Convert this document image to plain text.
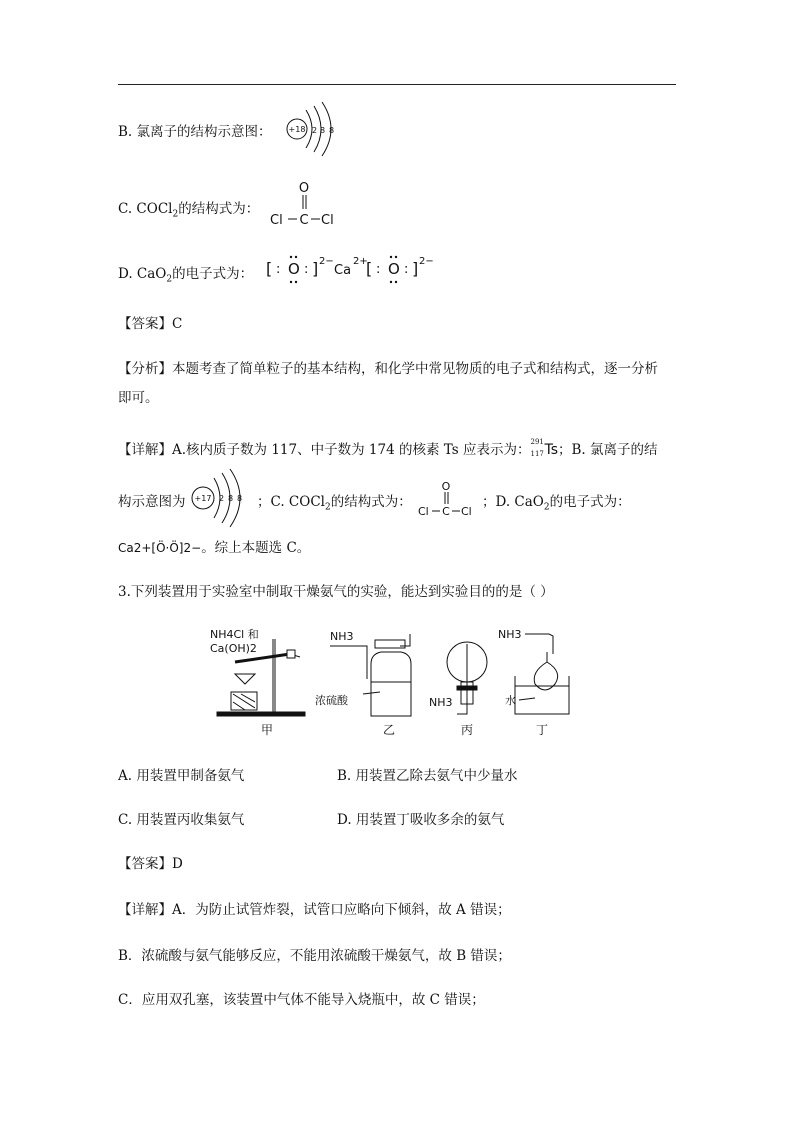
B. 氯离子的结构示意图： +18 2 8 8
C. COCl$_2$的结构式为：
O
Cl C Cl
D. CaO$_2$的电子式为： [ : O : ] 2−
Ca
2+
[ : O : ] 2−
【答案】C
【分析】本题考查了简单粒子的基本结构，和化学中常见物质的电子式和结构式，逐一分析
即可。
【详解】A.核内质子数为 117、中子数为 174 的核素 Ts 应表示为：
291
117 Ts；B. 氯离子的结
构示意图为 +17 2 8 8 ；C. COCl$_2$的结构式为：
O
Cl C Cl
；D. CaO$_2$的电子式为：
Ca2+[Ö·Ö]2−。综上本题选 C。
3.下列装置用于实验室中制取干燥氨气的实验，能达到实验目的的是（ ）
NH4Cl 和
Ca(OH)2
NH3
浓硫酸	NH3
NH3
水
甲	乙	丙	丁
A. 用装置甲制备氨气	B. 用装置乙除去氨气中少量水
C. 用装置丙收集氨气	D. 用装置丁吸收多余的氨气
【答案】D
【详解】A．为防止试管炸裂，试管口应略向下倾斜，故 A 错误；
B．浓硫酸与氨气能够反应，不能用浓硫酸干燥氨气，故 B 错误；
C．应用双孔塞，该装置中气体不能导入烧瓶中，故 C 错误；
